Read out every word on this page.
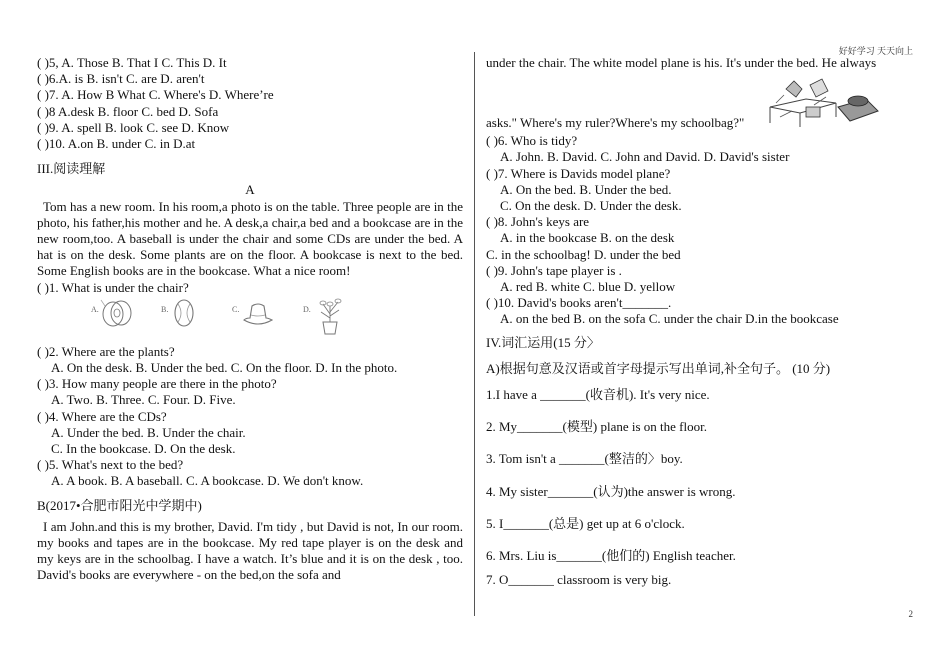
好好学习 天天向上
2
( )5, A. Those B. That I C. This D. It
( )6.A. is B. isn't C. are D. aren't
( )7. A. How B What C. Where's D. Where’re
( )8 A.desk B. floor C. bed D. Sofa
( )9. A. spell B. look C. see D. Know
( )10. A.on B. under C. in D.at
III.阅读理解
A
Tom has a new room. In his room,a photo is on the table. Three people are in the photo, his father,his mother and he. A desk,a chair,a bed and a bookcase are in the new room,too. A baseball is under the chair and some CDs are under the bed. A hat is on the desk. Some plants are on the floor. A bookcase is next to the bed. Some English books are in the bookcase. What a nice room!
( )1. What is under the chair?
A.	B.	C.	D.
( )2. Where are the plants?
A. On the desk. B. Under the bed. C. On the floor. D. In the photo.
( )3. How many people are there in the photo?
A. Two. B. Three. C. Four. D. Five.
( )4. Where are the CDs?
A. Under the bed. B. Under the chair.
C. In the bookcase. D. On the desk.
( )5. What's next to the bed?
A. A book. B. A baseball. C. A bookcase. D. We don't know.
B(2017•合肥市阳光中学期中)
I am John.and this is my brother, David. I'm tidy , but David is not, In our room. my books and tapes are in the bookcase. My red tape player is on the desk and my keys are in the schoolbag. I have a watch. It’s blue and it is on the desk , too. David's books are everywhere - on the bed,on the sofa and
under the chair. The white model plane is his. It's under the bed. He always
asks." Where's my ruler?Where's my schoolbag?"
( )6. Who is tidy?
A. John. B. David. C. John and David. D. David's sister
( )7. Where is Davids model plane?
A. On the bed. B. Under the bed.
C. On the desk. D. Under the desk.
( )8. John's keys are
A. in the bookcase B. on the desk
C. in the schoolbag! D. under the bed
( )9. John's tape player is .
A. red B. white C. blue D. yellow
( )10. David's books aren't_______.
A. on the bed B. on the sofa C. under the chair D.in the bookcase
IV.词汇运用(15 分〉
A)根据句意及汉语或首字母提示写出单词,补全句子。 (10 分)
1.I have a _______(收音机). It's very nice.
2. My_______(模型) plane is on the floor.
3. Tom isn't a _______(整洁的〉boy.
4. My sister_______(认为)the answer is wrong.
5. I_______(总是) get up at 6 o'clock.
6. Mrs. Liu is_______(他们的) English teacher.
7. O_______ classroom is very big.
